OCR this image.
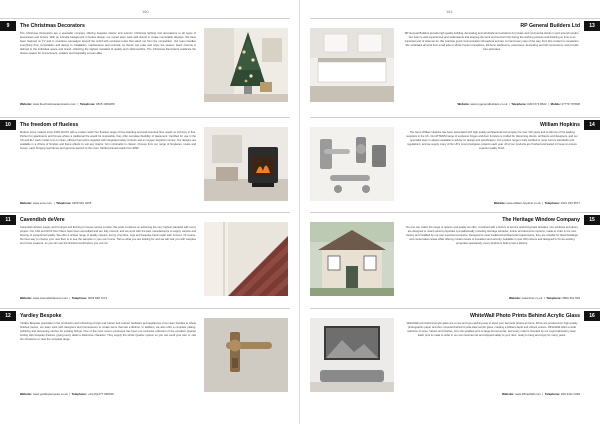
160
9	The Christmas Decorators
The Christmas Decorators are a specialist company offering bespoke interior and exterior Christmas lighting and decorations to all types of businesses and homes. With an intimate background in festive design, our expert team work with clients to create memorable displays. We have been featured on TV and in countless campaigns around the world with exclusive looks that stand out from the competition. Our team handles everything from consultation and design to installation, maintenance and removal, so clients can relax and enjoy the season. Each scheme is tailored to the individual space and brand, reflecting the highest standard of quality and craftsmanship. The Christmas Decorators celebrate the festive season for homeowners, retailers and hospitality venues alike.
Website: www.thechristmasdecorators.com  |  Telephone: 0845 1961089
10	The freedom of flueless
Modern stove makers since 1994, ECOS with a modern twist! Our flueless range of free-standing and wall-mounted fires needs no chimney or flue. Perfect for apartments and homes where a traditional fire would be impossible, they offer complete flexibility of placement. Certified for use in the UK and EU, each model runs on clean, efficient fuel and is supplied with integrated safety controls and an oxygen depletion sensor. Our designs are available in a choice of finishes and flame effects to suit any interior, from minimalist to classic. Choose from our range of fireplaces, insets and stoves, each bringing real flames and genuine warmth to the room. Model pictured retails from £695.
Website: www.ecos.com  |  Telephone: 0208 591 2265
11	Cavendish deVere
Cavendish deVere supply and fit carpet and flooring to homes across London. We pride ourselves on achieving the very highest standard with every project. Our CFA and NICF floor fitters have been accredited and are fully insured, and we work with the best manufacturers to supply carpets and flooring of exceptional quality. We offer a unique range of quality carpets, luxury vinyl tiles, rugs and bespoke hand-made stair runners. Of course, the best way to choose your new floor is to see the samples in your own home. Tell us what you are looking for and we will visit you with samples and a free measure, so you can see the finished result before you commit.
Website: www.cavendishdevere.com  |  Telephone: 0203 848 7274
12	Yardley Bespoke
Yardley Bespoke specialise in the production and refinishing of high end interior and exterior hardware and appliances. From door handles to whole finished pieces, our team work with designers and homeowners to create items that last a lifetime. In addition, we also offer a complete plating, polishing and lacquering service for existing fittings. One of the most recent successes has been our exclusive collection of the excellent Quarter tooling with bespoke finishes, giving every detail a distinctive character. They supply the whole Quarter system so you can send your own or visit the showroom to view the complete range.
Website: www.yardleybespoke.co.uk  |  Telephone: +44 (0)1277 690016
161
13
RP General Builders Ltd
RP General Builders provide high quality building, decorating and refurbishment solutions for private and commercial clients in and around London. Our team is well experienced and understands that keeping the work environment tidy during the working process and finishing on time is an important part of what we do. We maintain good communication throughout and are on hand every step of the way, from first contact to completion. We undertake all work from small jobs to whole house renovations, kitchens, bathrooms, extensions, decorating and loft conversions, and provide free estimates.
Website: www.rpgeneralbuilders.co.uk  |  Telephone: 0203 673 8622  |  Mobile: 07779 797828
14
William Hopkins
The name William Hopkins has been associated with high quality architectural ironmongery for over 100 years and is still one of the leading suppliers in the UK. Our ATTENSI range of exclusive hinges and door furniture is crafted for discerning clients, architects and designers, and our specialist team is always available to advise on design and specification. Our product range is fully certified to meet current standards and regulations, and we supply many of the UK's most prestigious projects each year. All of our products are finished and tested in house to ensure superior quality finish.
Website: www.william-hopkins.co.uk  |  Telephone: 0121 333 3577
15
The Heritage Window Company
No-one can match the range of options and quality we offer, combined with a history of service stretching back decades. Our windows and doors are designed to match period properties sympathetically, including Heritage windows, timber and aluminium options, made to order in our own factory and installed by our own experienced teams. Designed to meet traditional architectural requirements, they are suitable for listed buildings and conservation areas while offering modern levels of insulation and security. Available in over 200 colours and designed to fit into existing properties seamlessly, every window is built to last a lifetime.
Website: www.thwc.co.uk  |  Telephone: 0800 451 504
16
WhiteWall Photo Prints Behind Acrylic Glass
WhiteWall print behind acrylic glass are a new and eye-catching way to show your favourite photos at home. Prints are produced on high quality photographic paper and then mounted behind crystal-clear acrylic glass, creating a brilliant depth and vibrant colours. WhiteWall offers a wide selection of sizes, frames and finishes, from the smallest print to large-format works, and every order is checked by our expert laboratory team. Each print is made to order in our own German lab and shipped safely to your door, ready to hang and enjoy for many years.
Website: www.WhiteWall.com  |  Telephone: 020 3411 0399
